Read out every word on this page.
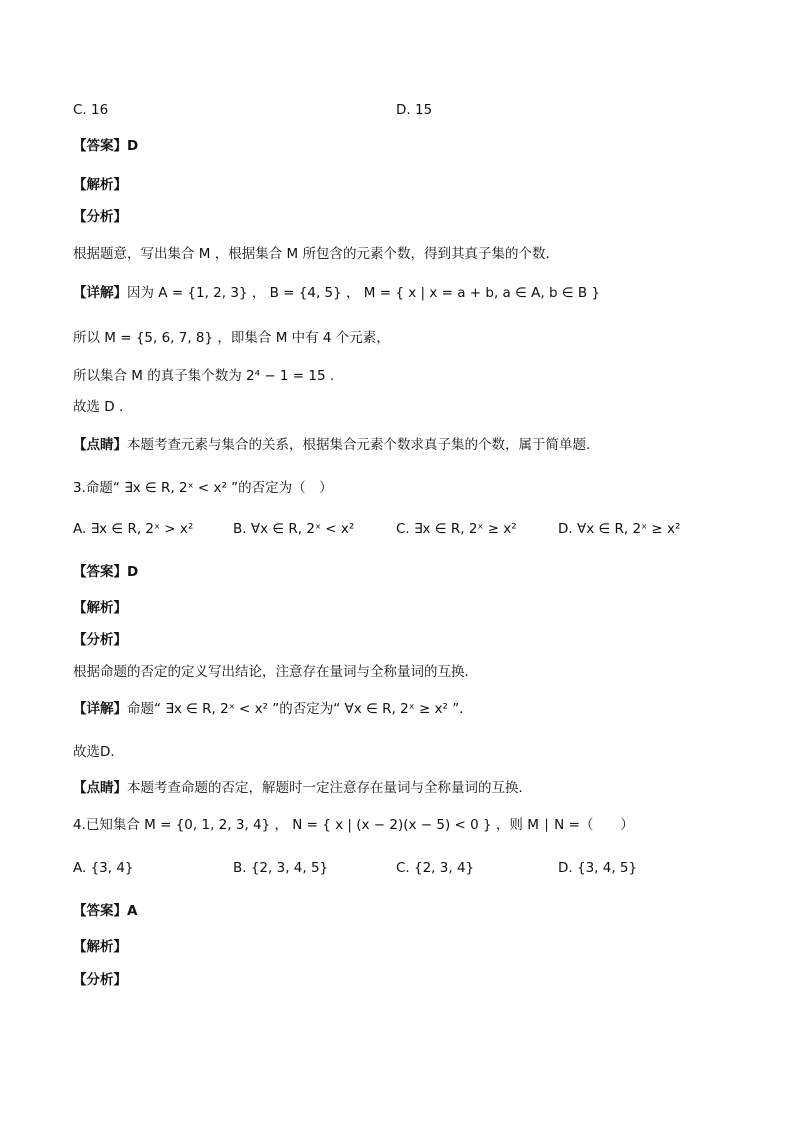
C. 16	D. 15
【答案】D
【解析】
【分析】
根据题意，写出集合 M ，根据集合 M 所包含的元素个数，得到其真子集的个数.
【详解】因为 A = {1, 2, 3} ， B = {4, 5} ， M = { x | x = a + b, a ∈ A, b ∈ B }
所以 M = {5, 6, 7, 8} ，即集合 M 中有 4 个元素，
所以集合 M 的真子集个数为 2⁴ − 1 = 15 .
故选 D .
【点睛】本题考查元素与集合的关系，根据集合元素个数求真子集的个数，属于简单题.
3.命题“ ∃x ∈ R, 2ˣ < x² ”的否定为（　）
A. ∃x ∈ R, 2ˣ > x²	B. ∀x ∈ R, 2ˣ < x²	C. ∃x ∈ R, 2ˣ ≥ x²	D. ∀x ∈ R, 2ˣ ≥ x²
【答案】D
【解析】
【分析】
根据命题的否定的定义写出结论，注意存在量词与全称量词的互换．
【详解】命题“ ∃x ∈ R, 2ˣ < x² ”的否定为“ ∀x ∈ R, 2ˣ ≥ x² ”．
故选D．
【点睛】本题考查命题的否定，解题时一定注意存在量词与全称量词的互换．
4.已知集合 M = {0, 1, 2, 3, 4} ， N = { x | (x − 2)(x − 5) < 0 } ，则 M ∣ N =（　　）
A. {3, 4}	B. {2, 3, 4, 5}	C. {2, 3, 4}	D. {3, 4, 5}
【答案】A
【解析】
【分析】
